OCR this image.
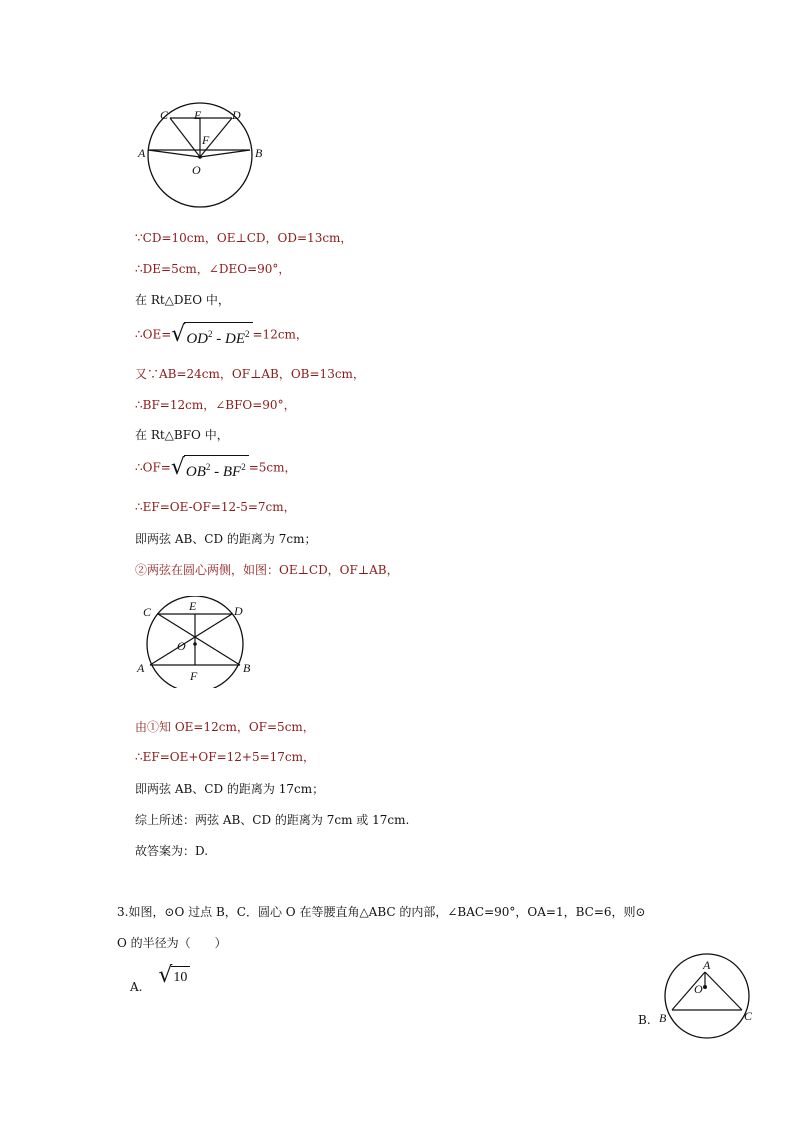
C E	D
F
A	B
O
∵CD=10cm，OE⊥CD，OD=13cm，
∴DE=5cm，∠DEO=90°，
在 Rt△DEO 中，
∴OE= √ $OD^2 - DE^2 =12cm$，
又∵AB=24cm，OF⊥AB，OB=13cm，
∴BF=12cm，∠BFO=90°，
在 Rt△BFO 中，
∴OF= √ $OB^2 - BF^2 =5cm$，
∴EF=OE-OF=12-5=7cm，
即两弦 AB、CD 的距离为 7cm；
②两弦在圆心两侧，如图：OE⊥CD，OF⊥AB，
C	E	D
O
A	B
F
由①知 OE=12cm，OF=5cm，
∴EF=OE+OF=12+5=17cm，
即两弦 AB、CD 的距离为 17cm；
综上所述：两弦 AB、CD 的距离为 7cm 或 17cm.
故答案为：D.
3.如图，⊙O 过点 B，C．圆心 O 在等腰直角△ABC 的内部，∠BAC=90°，OA=1，BC=6，则⊙
O 的半径为（　　）
A. √ 10
B.
A
O
B	C
